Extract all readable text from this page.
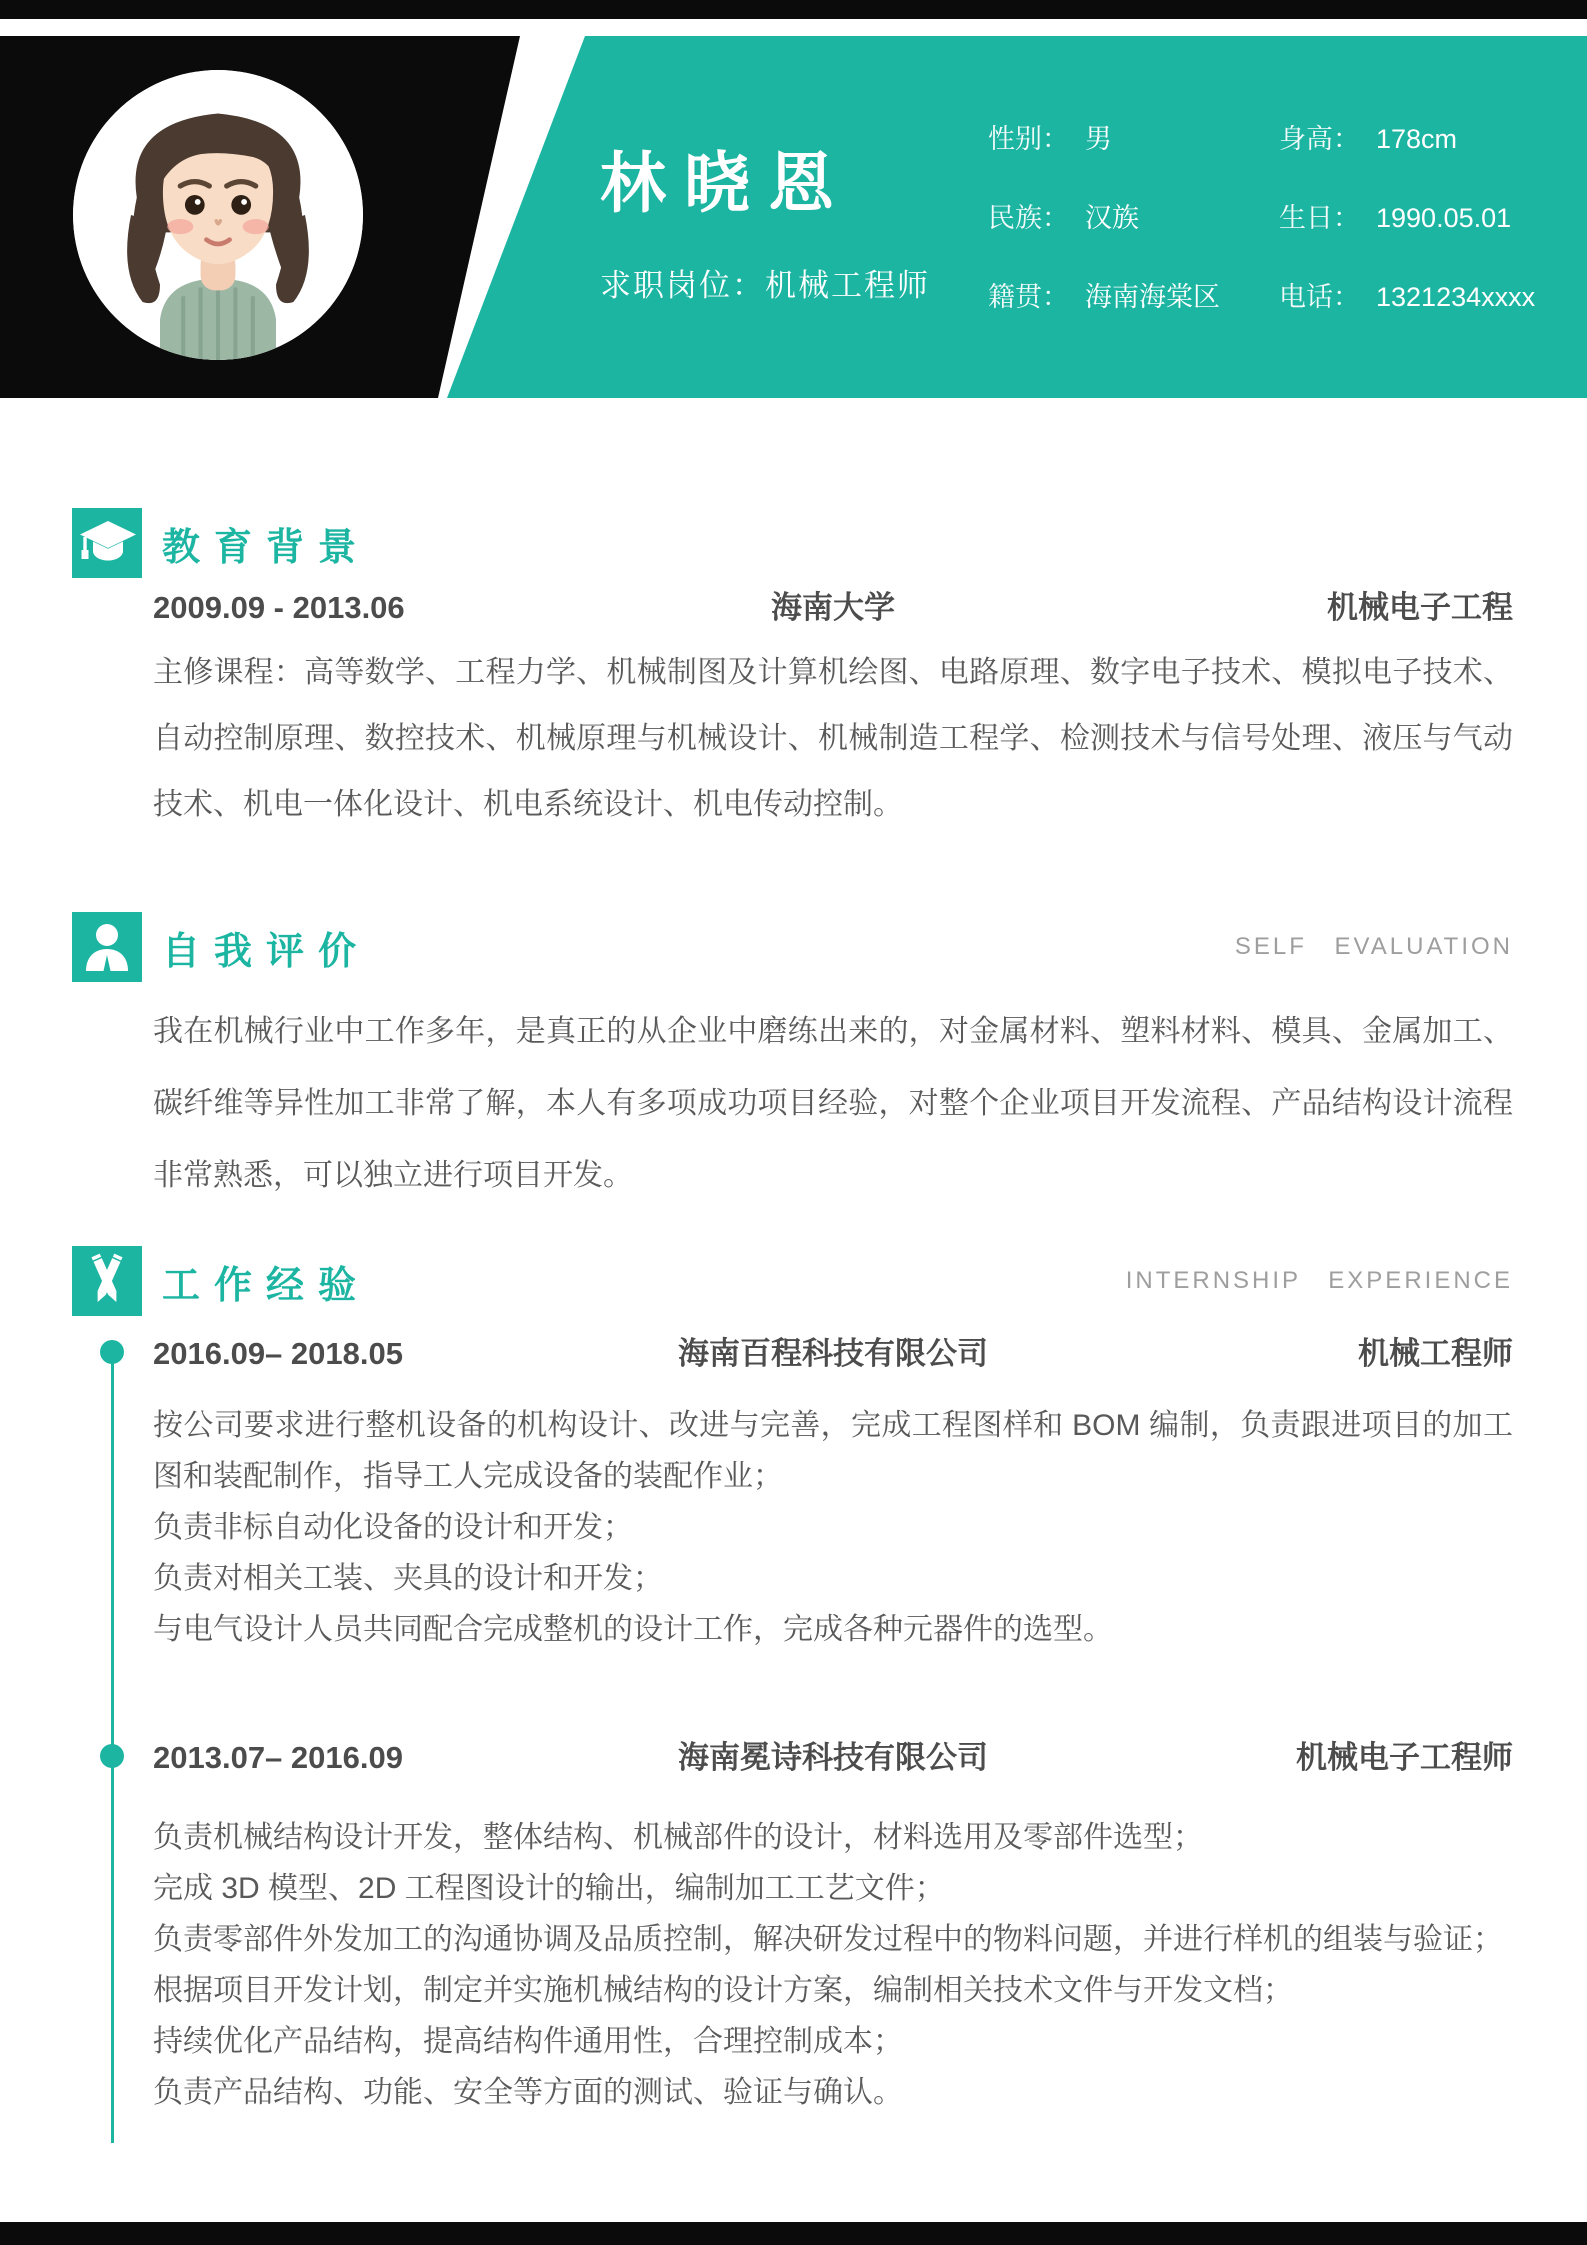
林晓恩
求职岗位：机械工程师
性别： 男	身高： 178cm
民族： 汉族	生日： 1990.05.01
籍贯： 海南海棠区	电话： 1321234xxxx
教育背景
2009.09 - 2013.06	海南大学	机械电子工程

主修课程：高等数学、工程力学、机械制图及计算机绘图、电路原理、数字电子技术、模拟电子技术、自动控制原理、数控技术、机械原理与机械设计、机械制造工程学、检测技术与信号处理、液压与气动技术、机电一体化设计、机电系统设计、机电传动控制。

自我评价	SELF EVALUATION

我在机械行业中工作多年，是真正的从企业中磨练出来的，对金属材料、塑料材料、模具、金属加工、碳纤维等异性加工非常了解，本人有多项成功项目经验，对整个企业项目开发流程、产品结构设计流程非常熟悉，可以独立进行项目开发。

工作经验	INTERNSHIP EXPERIENCE
2016.09– 2018.05	海南百程科技有限公司	机械工程师

按公司要求进行整机设备的机构设计、改进与完善，完成工程图样和 BOM 编制，负责跟进项目的加工图和装配制作，指导工人完成设备的装配作业；

负责非标自动化设备的设计和开发；

负责对相关工装、夹具的设计和开发；

与电气设计人员共同配合完成整机的设计工作，完成各种元器件的选型。

2013.07– 2016.09	海南冕诗科技有限公司	机械电子工程师

负责机械结构设计开发，整体结构、机械部件的设计，材料选用及零部件选型；

完成 3D 模型、2D 工程图设计的输出，编制加工工艺文件；

负责零部件外发加工的沟通协调及品质控制，解决研发过程中的物料问题，并进行样机的组装与验证；

根据项目开发计划，制定并实施机械结构的设计方案，编制相关技术文件与开发文档；

持续优化产品结构，提高结构件通用性，合理控制成本；

负责产品结构、功能、安全等方面的测试、验证与确认。
